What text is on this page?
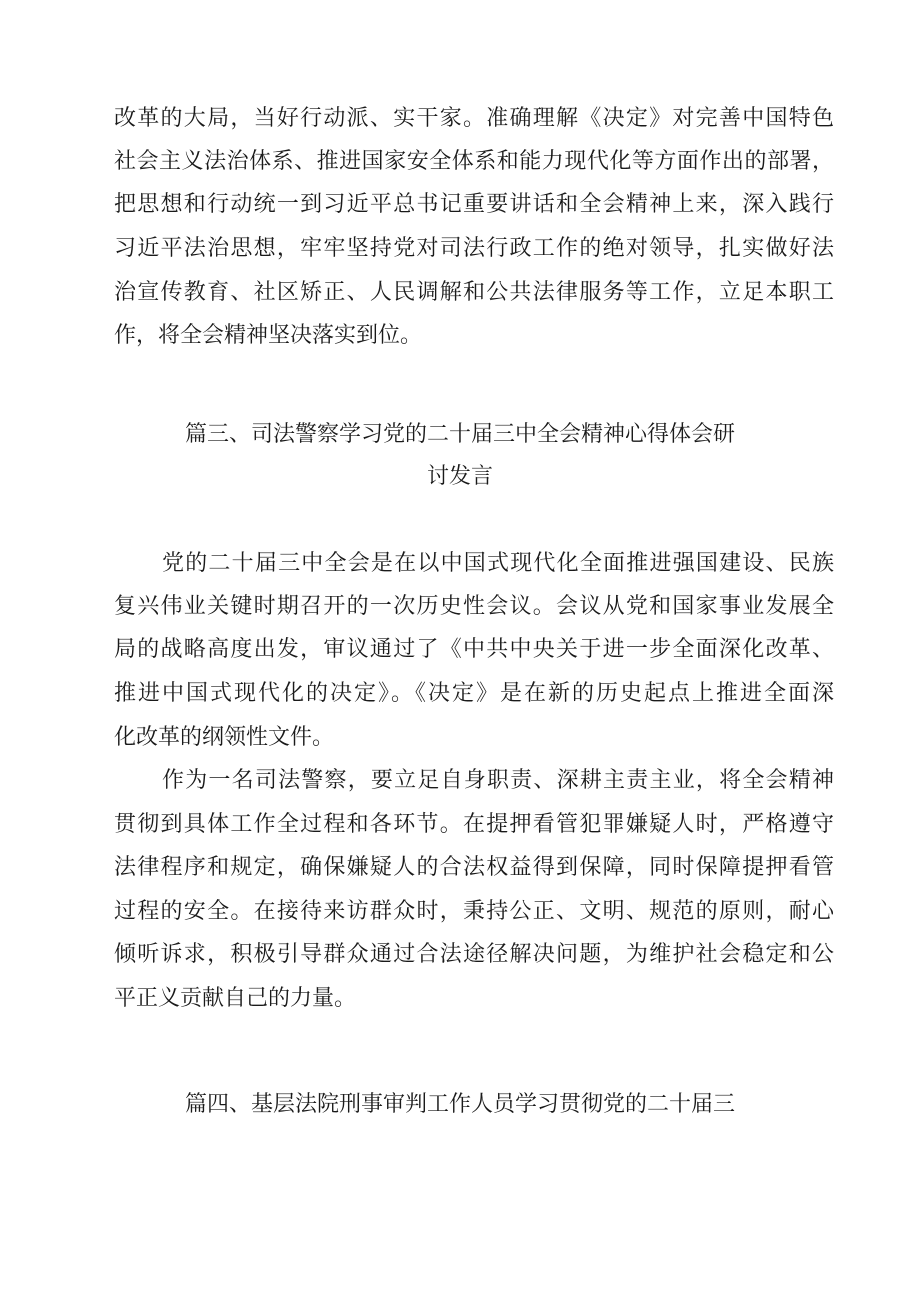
改革的大局，当好行动派、实干家。准确理解《决定》对完善中国特色
社会主义法治体系、推进国家安全体系和能力现代化等方面作出的部署，
把思想和行动统一到习近平总书记重要讲话和全会精神上来，深入践行
习近平法治思想，牢牢坚持党对司法行政工作的绝对领导，扎实做好法
治宣传教育、社区矫正、人民调解和公共法律服务等工作，立足本职工
作，将全会精神坚决落实到位。
篇三、司法警察学习党的二十届三中全会精神心得体会研
讨发言
党的二十届三中全会是在以中国式现代化全面推进强国建设、民族
复兴伟业关键时期召开的一次历史性会议。会议从党和国家事业发展全
局的战略高度出发，审议通过了《中共中央关于进一步全面深化改革、
推进中国式现代化的决定》。《决定》是在新的历史起点上推进全面深
化改革的纲领性文件。
作为一名司法警察，要立足自身职责、深耕主责主业，将全会精神
贯彻到具体工作全过程和各环节。在提押看管犯罪嫌疑人时，严格遵守
法律程序和规定，确保嫌疑人的合法权益得到保障，同时保障提押看管
过程的安全。在接待来访群众时，秉持公正、文明、规范的原则，耐心
倾听诉求，积极引导群众通过合法途径解决问题，为维护社会稳定和公
平正义贡献自己的力量。
篇四、基层法院刑事审判工作人员学习贯彻党的二十届三
